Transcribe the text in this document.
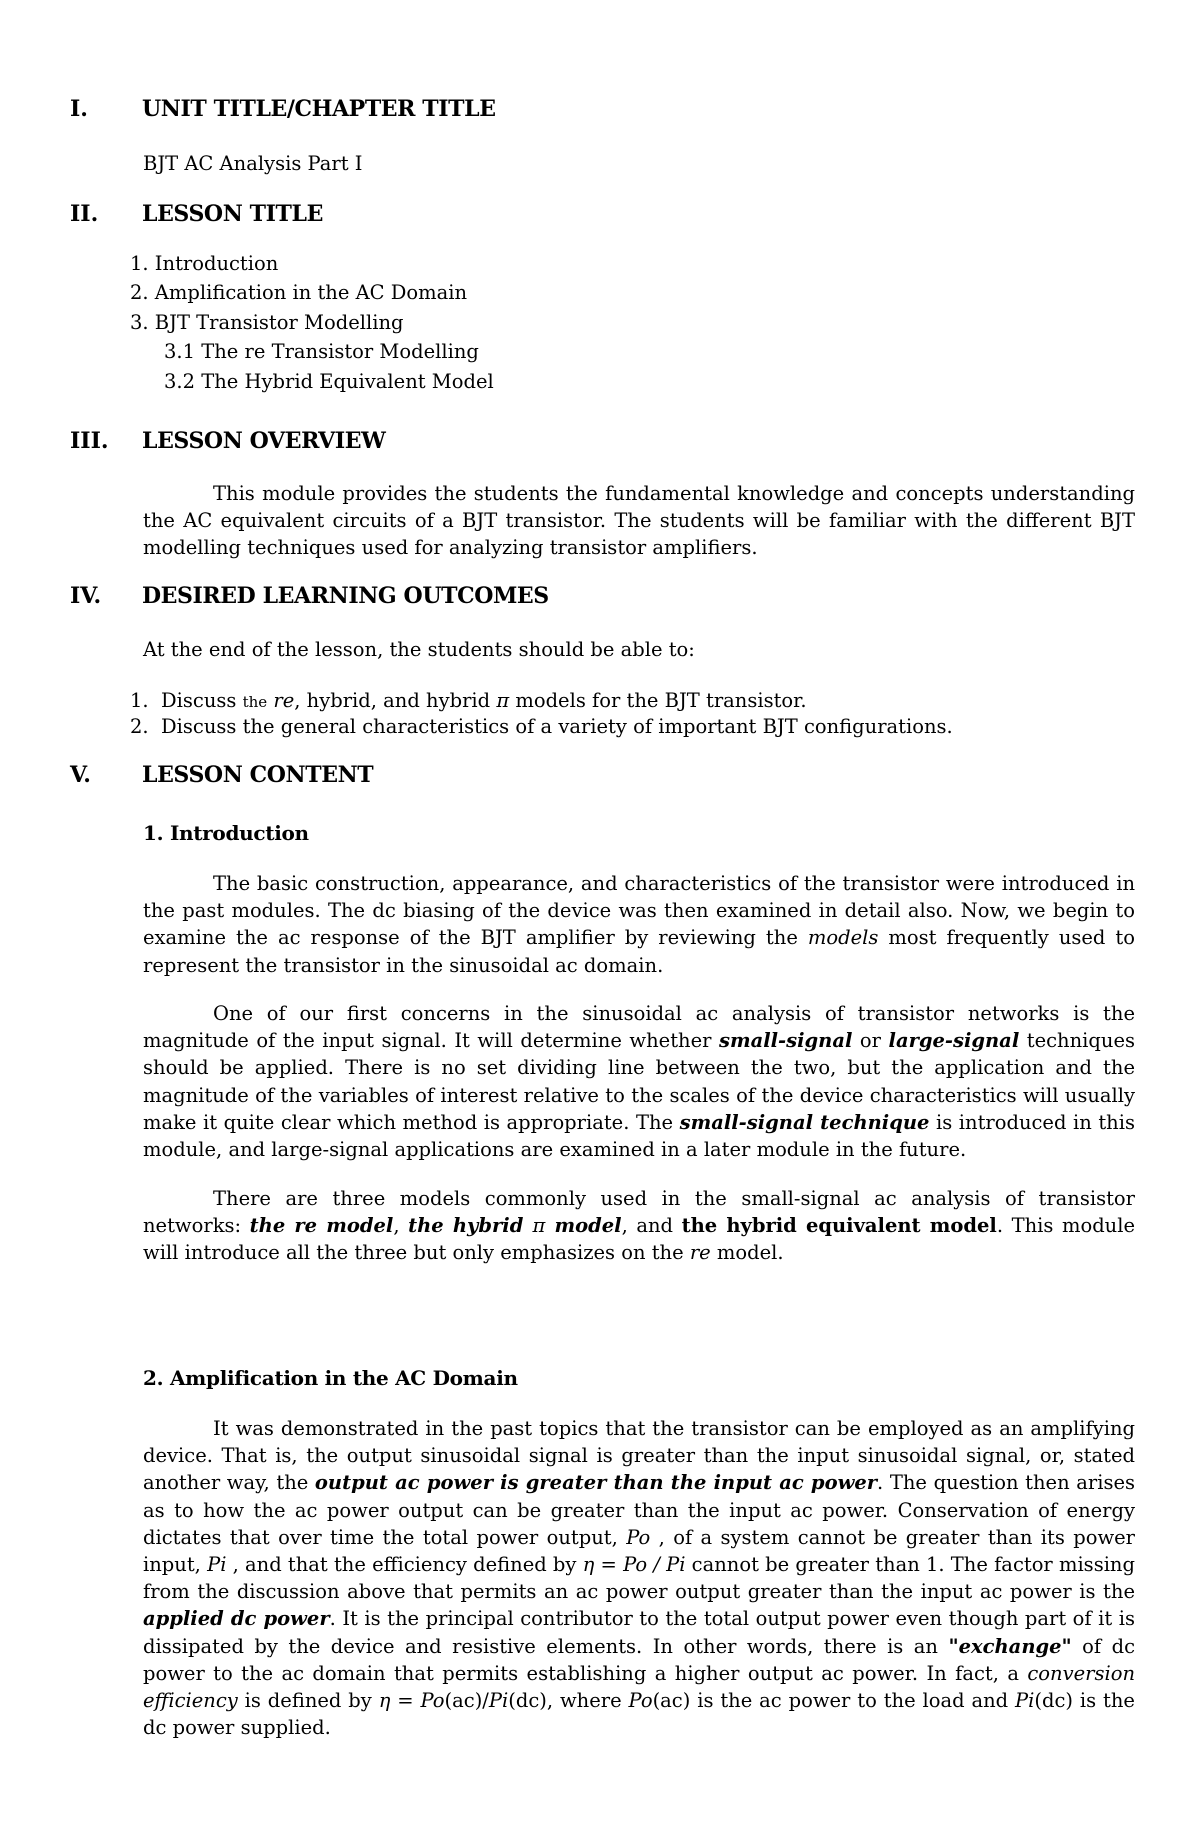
I. UNIT TITLE/CHAPTER TITLE
BJT AC Analysis Part I
II. LESSON TITLE
1. Introduction
2. Amplification in the AC Domain
3. BJT Transistor Modelling
3.1 The re Transistor Modelling
3.2 The Hybrid Equivalent Model
III. LESSON OVERVIEW
This module provides the students the fundamental knowledge and concepts understanding the AC equivalent circuits of a BJT transistor. The students will be familiar with the different BJT modelling techniques used for analyzing transistor amplifiers.
IV. DESIRED LEARNING OUTCOMES
At the end of the lesson, the students should be able to:
1. Discuss the re, hybrid, and hybrid π models for the BJT transistor.
2. Discuss the general characteristics of a variety of important BJT configurations.
V. LESSON CONTENT
1. Introduction
The basic construction, appearance, and characteristics of the transistor were introduced in the past modules. The dc biasing of the device was then examined in detail also. Now, we begin to examine the ac response of the BJT amplifier by reviewing the models most frequently used to represent the transistor in the sinusoidal ac domain.
One of our first concerns in the sinusoidal ac analysis of transistor networks is the magnitude of the input signal. It will determine whether small-signal or large-signal techniques should be applied. There is no set dividing line between the two, but the application and the magnitude of the variables of interest relative to the scales of the device characteristics will usually make it quite clear which method is appropriate. The small-signal technique is introduced in this module, and large-signal applications are examined in a later module in the future.
There are three models commonly used in the small-signal ac analysis of transistor networks: the re model, the hybrid π model, and the hybrid equivalent model. This module will introduce all the three but only emphasizes on the re model.
2. Amplification in the AC Domain
It was demonstrated in the past topics that the transistor can be employed as an amplifying device. That is, the output sinusoidal signal is greater than the input sinusoidal signal, or, stated another way, the output ac power is greater than the input ac power. The question then arises as to how the ac power output can be greater than the input ac power. Conservation of energy dictates that over time the total power output, Po , of a system cannot be greater than its power input, Pi , and that the efficiency defined by η = Po / Pi cannot be greater than 1. The factor missing from the discussion above that permits an ac power output greater than the input ac power is the applied dc power. It is the principal contributor to the total output power even though part of it is dissipated by the device and resistive elements. In other words, there is an "exchange" of dc power to the ac domain that permits establishing a higher output ac power. In fact, a conversion efficiency is defined by η = Po(ac)/Pi(dc), where Po(ac) is the ac power to the load and Pi(dc) is the dc power supplied.
